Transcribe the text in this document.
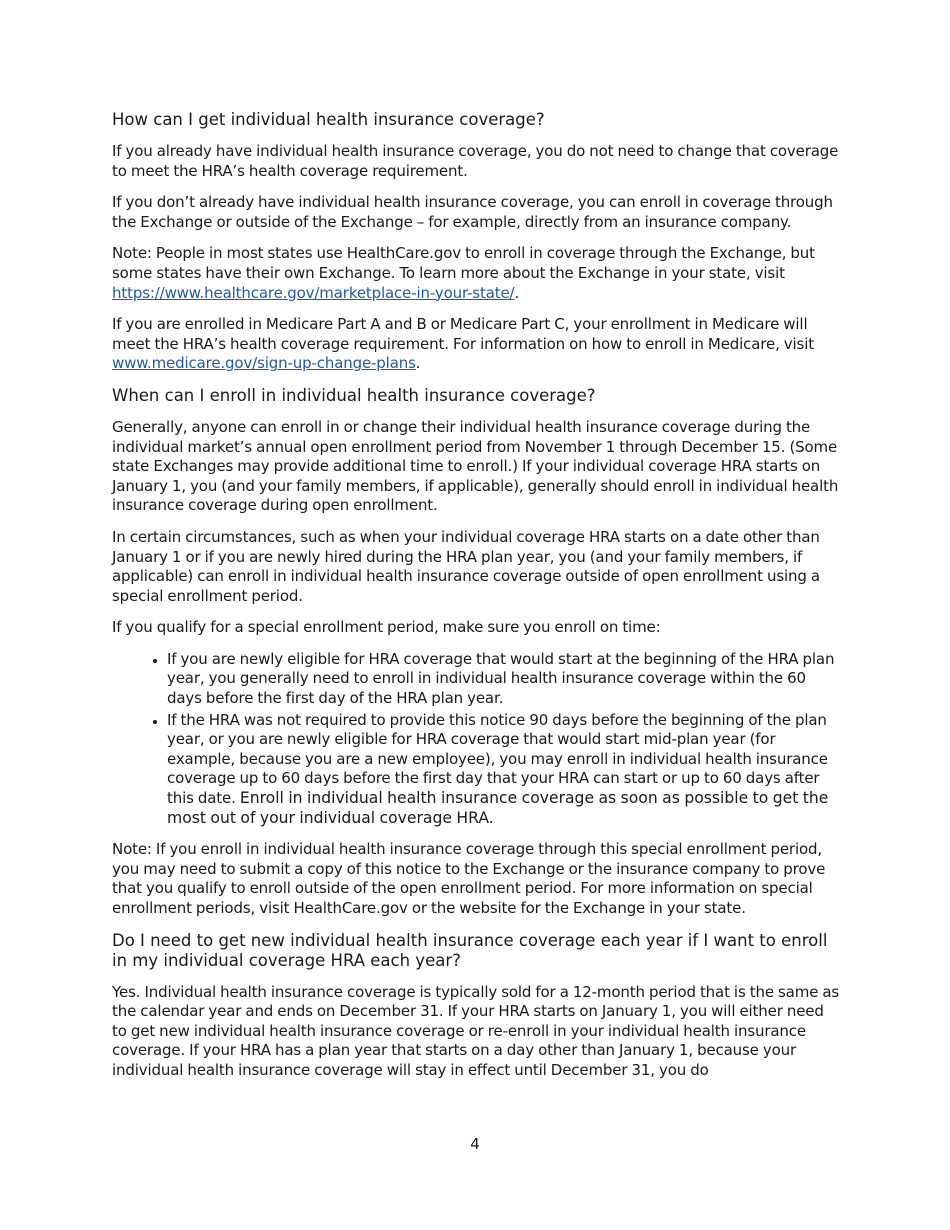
How can I get individual health insurance coverage?

If you already have individual health insurance coverage, you do not need to change that coverage to meet the HRA’s health coverage requirement.

If you don’t already have individual health insurance coverage, you can enroll in coverage through the Exchange or outside of the Exchange – for example, directly from an insurance company.

Note: People in most states use HealthCare.gov to enroll in coverage through the Exchange, but some states have their own Exchange. To learn more about the Exchange in your state, visit https://www.healthcare.gov/marketplace-in-your-state/.

If you are enrolled in Medicare Part A and B or Medicare Part C, your enrollment in Medicare will meet the HRA’s health coverage requirement. For information on how to enroll in Medicare, visit www.medicare.gov/sign-up-change-plans.

When can I enroll in individual health insurance coverage?

Generally, anyone can enroll in or change their individual health insurance coverage during the individual market’s annual open enrollment period from November 1 through December 15. (Some state Exchanges may provide additional time to enroll.) If your individual coverage HRA starts on January 1, you (and your family members, if applicable), generally should enroll in individual health insurance coverage during open enrollment.

In certain circumstances, such as when your individual coverage HRA starts on a date other than January 1 or if you are newly hired during the HRA plan year, you (and your family members, if applicable) can enroll in individual health insurance coverage outside of open enrollment using a special enrollment period.

If you qualify for a special enrollment period, make sure you enroll on time:

• If you are newly eligible for HRA coverage that would start at the beginning of the HRA plan year, you generally need to enroll in individual health insurance coverage within the 60 days before the first day of the HRA plan year.
• If the HRA was not required to provide this notice 90 days before the beginning of the plan year, or you are newly eligible for HRA coverage that would start mid-plan year (for example, because you are a new employee), you may enroll in individual health insurance coverage up to 60 days before the first day that your HRA can start or up to 60 days after this date. Enroll in individual health insurance coverage as soon as possible to get the most out of your individual coverage HRA.

Note: If you enroll in individual health insurance coverage through this special enrollment period, you may need to submit a copy of this notice to the Exchange or the insurance company to prove that you qualify to enroll outside of the open enrollment period. For more information on special enrollment periods, visit HealthCare.gov or the website for the Exchange in your state.

Do I need to get new individual health insurance coverage each year if I want to enroll in my individual coverage HRA each year?

Yes. Individual health insurance coverage is typically sold for a 12-month period that is the same as the calendar year and ends on December 31. If your HRA starts on January 1, you will either need to get new individual health insurance coverage or re-enroll in your individual health insurance coverage. If your HRA has a plan year that starts on a day other than January 1, because your individual health insurance coverage will stay in effect until December 31, you do

4
